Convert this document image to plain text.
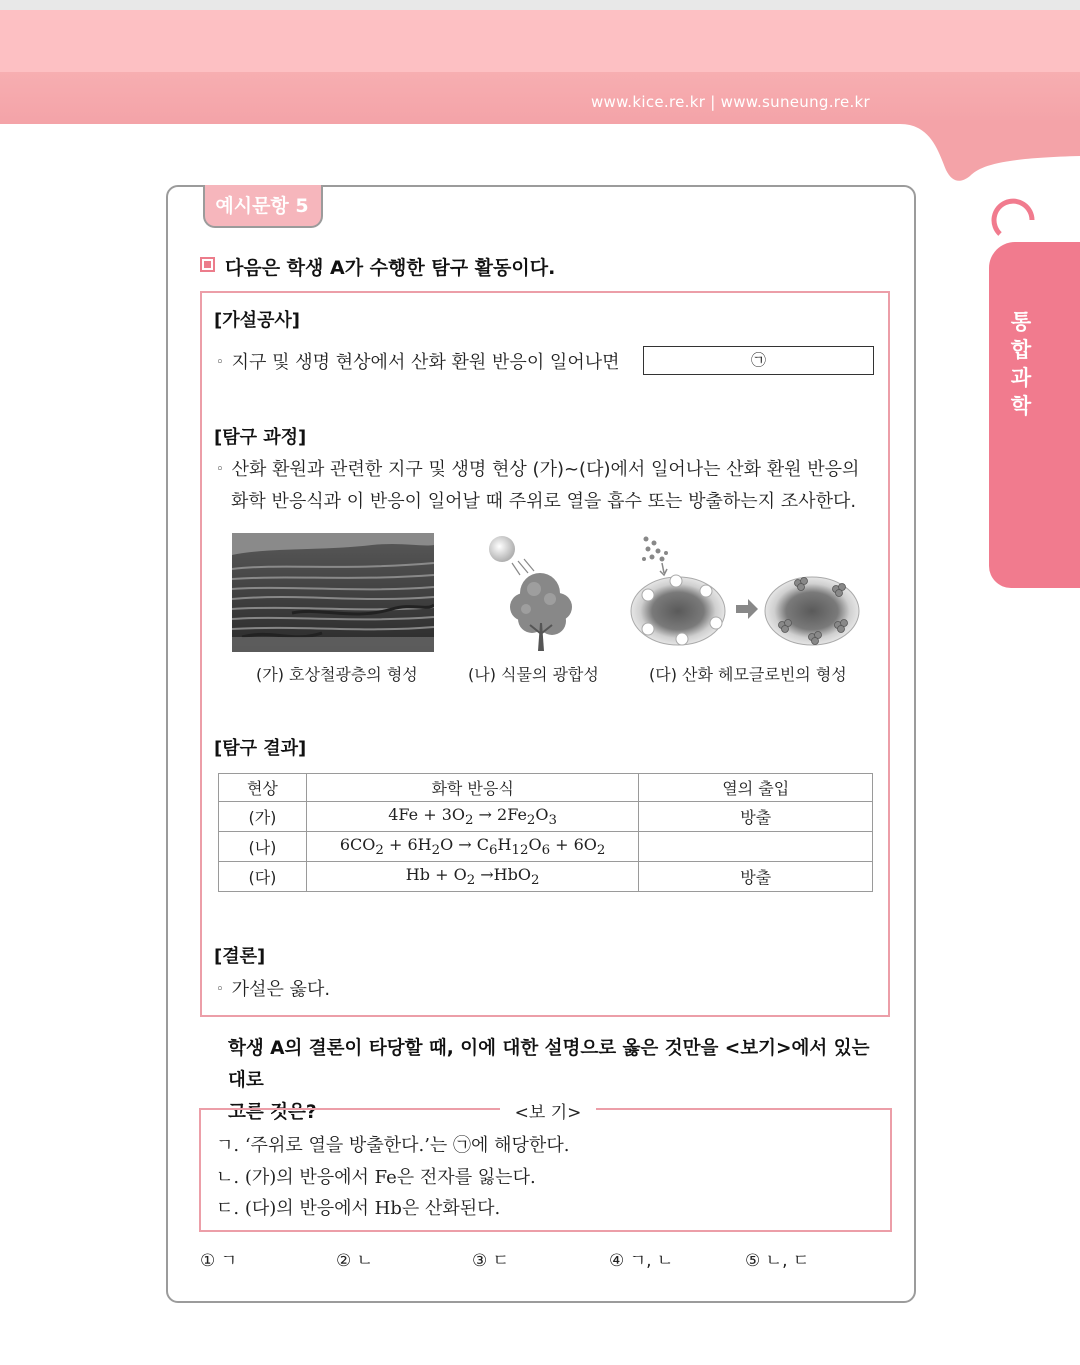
www.kice.re.kr | www.suneung.re.kr
통
합
과
학
예시문항 5
다음은 학생 A가 수행한 탐구 활동이다.
[가설공사]
◦ 지구 및 생명 현상에서 산화 환원 반응이 일어나면	㉠
[탐구 과정]
◦ 산화 환원과 관련한 지구 및 생명 현상 (가)~(다)에서 일어나는 산화 환원 반응의
화학 반응식과 이 반응이 일어날 때 주위로 열을 흡수 또는 방출하는지 조사한다.
(가) 호상철광층의 형성	(나) 식물의 광합성	(다) 산화 헤모글로빈의 형성
[탐구 결과]
현상	화학 반응식	열의 출입
(가)	$4Fe + 3O_2 \to 2Fe_2O_3$	방출
(나)	$6CO_2 + 6H_2O \to C_6H_{12}O_6 + 6O_2$	
(다)	$Hb + O_2 \to HbO_2$	방출
[결론]
◦ 가설은 옳다.
학생 A의 결론이 타당할 때, 이에 대한 설명으로 옳은 것만을 <보기>에서 있는 대로
고른 것은?	<보 기>
ㄱ. ‘주위로 열을 방출한다.’는 ㉠에 해당한다.
ㄴ. (가)의 반응에서 Fe은 전자를 잃는다.
ㄷ. (다)의 반응에서 Hb은 산화된다.
① ㄱ	② ㄴ	③ ㄷ	④ ㄱ, ㄴ	⑤ ㄴ, ㄷ
